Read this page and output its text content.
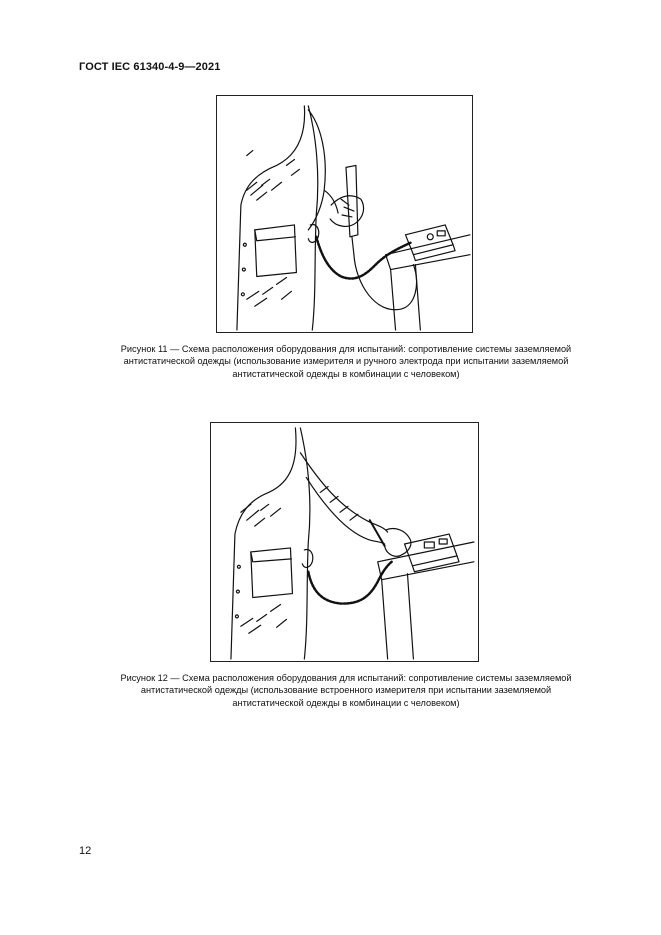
ГОСТ IEC 61340-4-9—2021
Рисунок 11 — Схема расположения оборудования для испытаний: сопротивление системы заземляемой
антистатической одежды (использование измерителя и ручного электрода при испытании заземляемой
антистатической одежды в комбинации с человеком)
Рисунок 12 — Схема расположения оборудования для испытаний: сопротивление системы заземляемой
антистатической одежды (использование встроенного измерителя при испытании заземляемой
антистатической одежды в комбинации с человеком)
12
